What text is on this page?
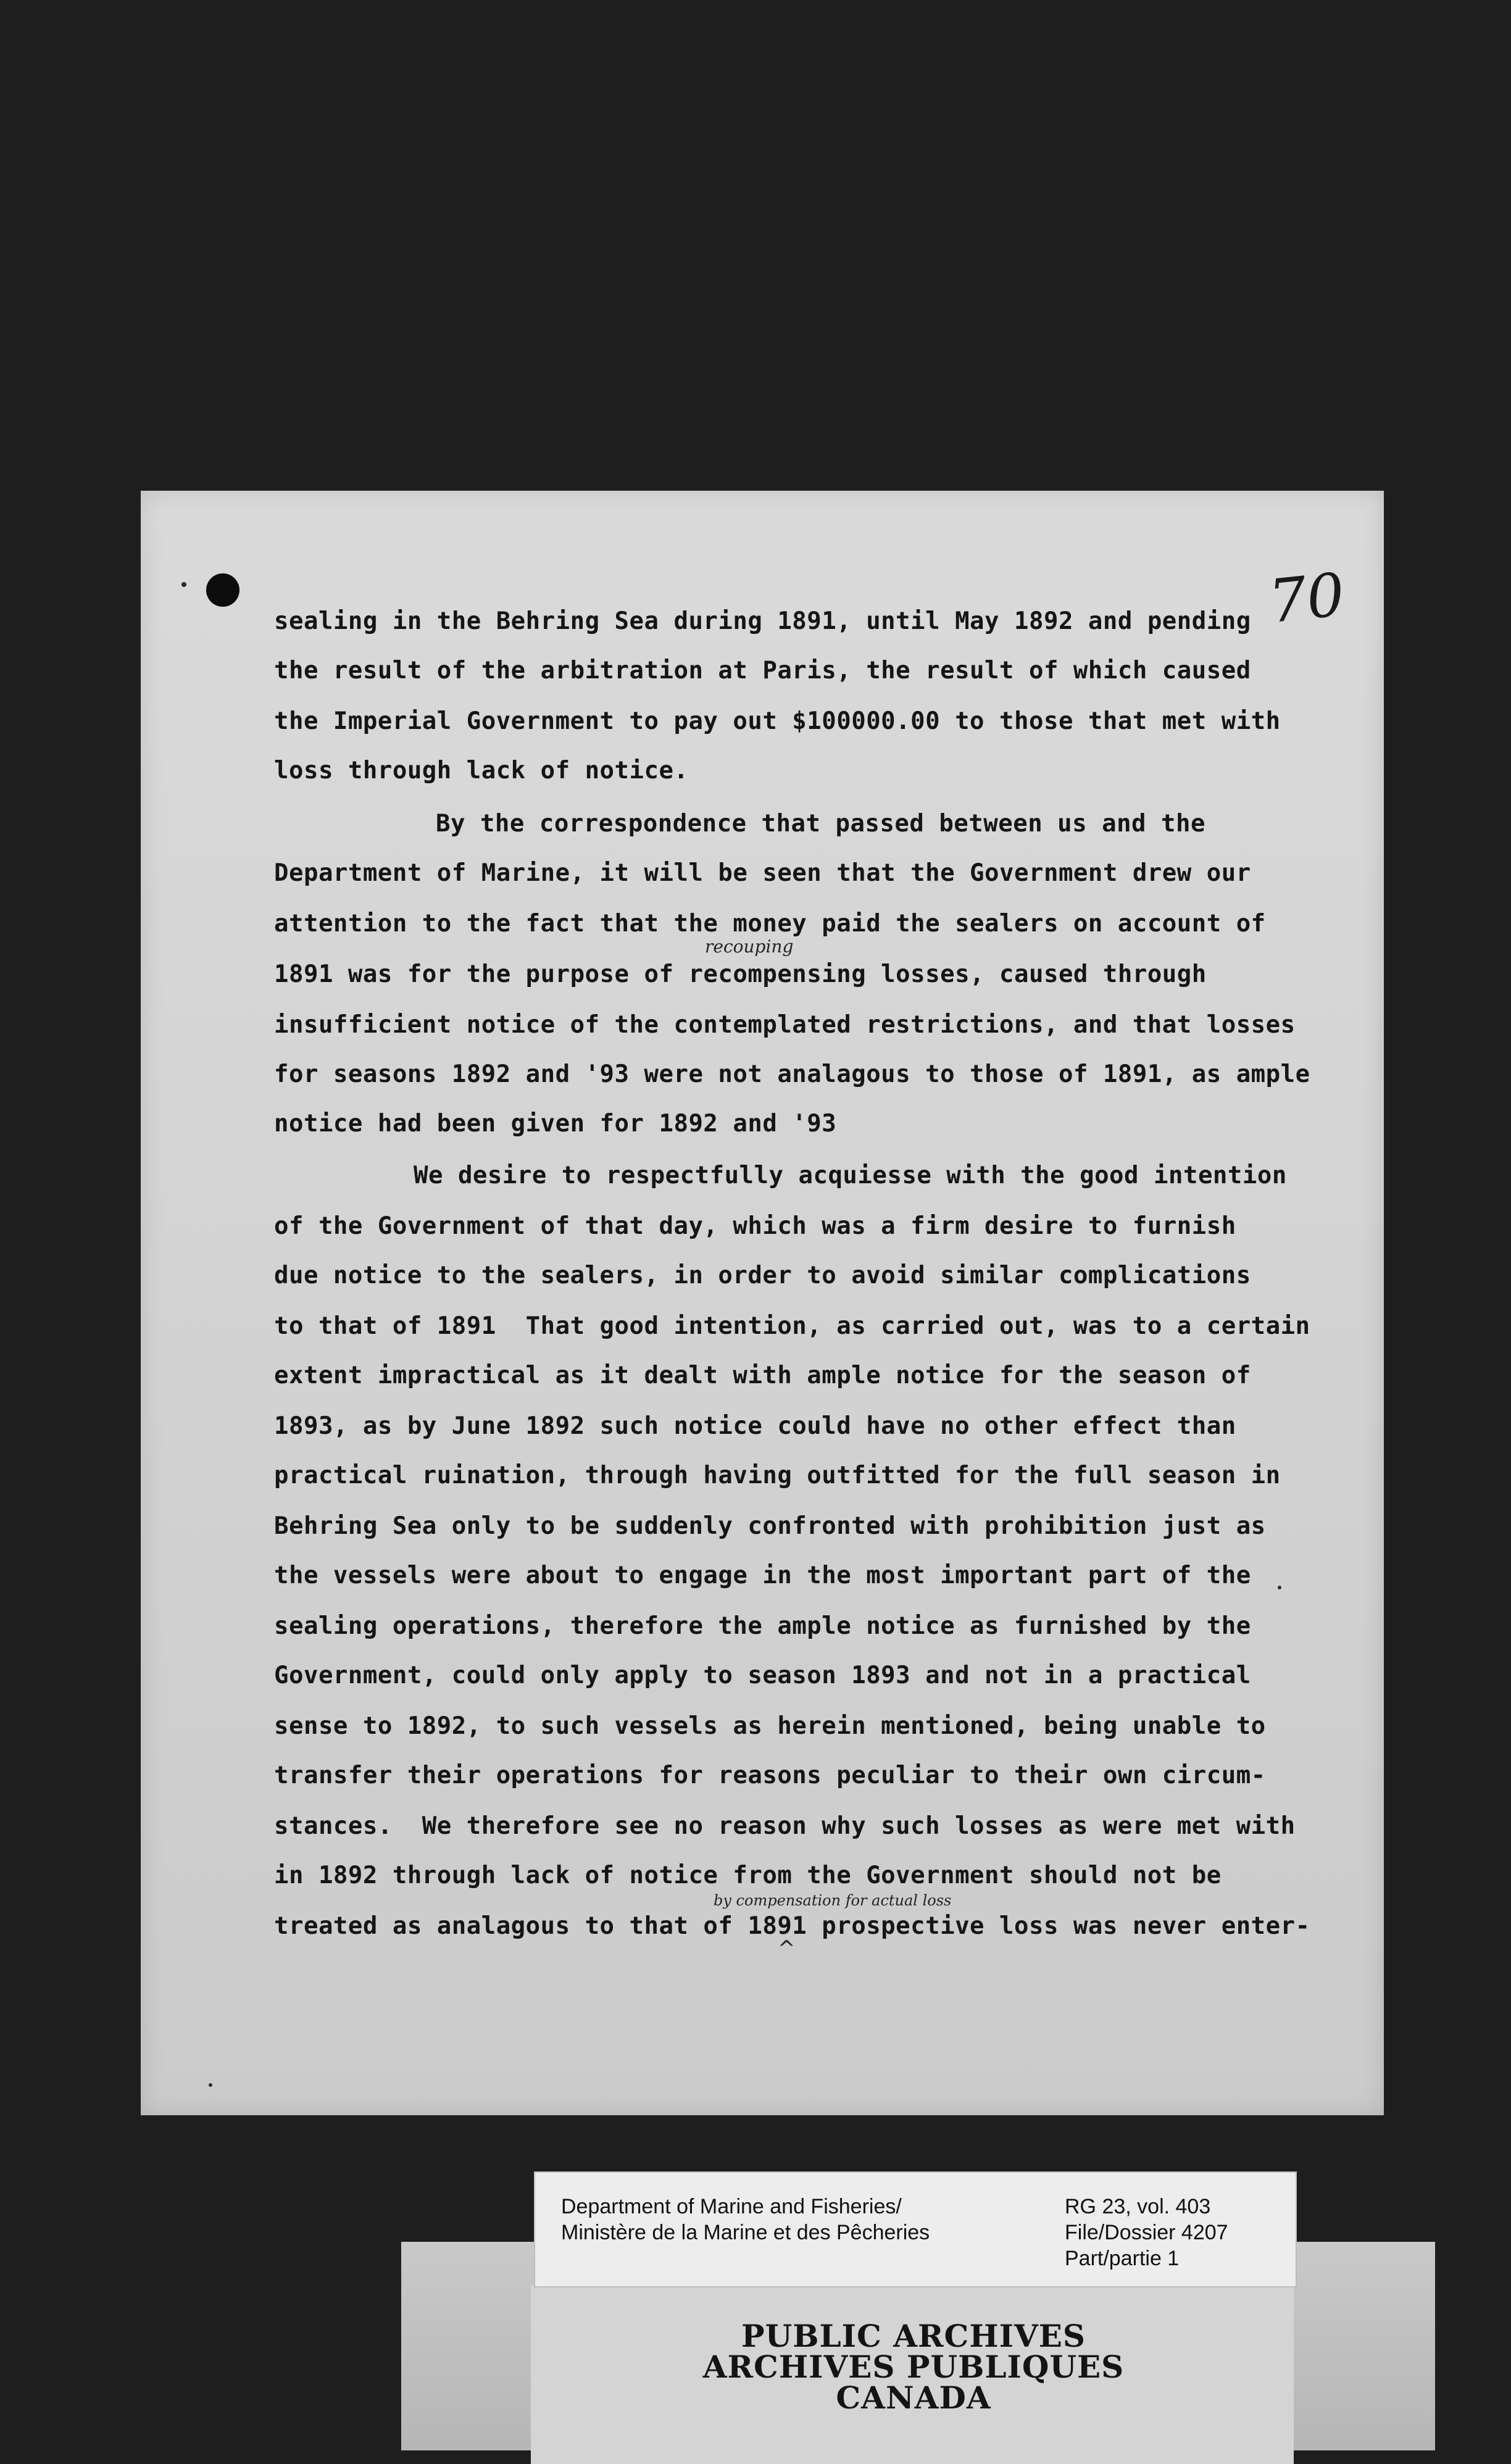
70
sealing in the Behring Sea during 1891, until May 1892 and pending
the result of the arbitration at Paris, the result of which caused
the Imperial Government to pay out $100000.00 to those that met with
loss through lack of notice.
By the correspondence that passed between us and the
Department of Marine, it will be seen that the Government drew our
attention to the fact that the money paid the sealers on account of
recouping
1891 was for the purpose of recompensing losses, caused through
insufficient notice of the contemplated restrictions, and that losses
for seasons 1892 and '93 were not analagous to those of 1891, as ample
notice had been given for 1892 and '93
We desire to respectfully acquiesse with the good intention
of the Government of that day, which was a firm desire to furnish
due notice to the sealers, in order to avoid similar complications
to that of 1891  That good intention, as carried out, was to a certain
extent impractical as it dealt with ample notice for the season of
1893, as by June 1892 such notice could have no other effect than
practical ruination, through having outfitted for the full season in
Behring Sea only to be suddenly confronted with prohibition just as
the vessels were about to engage in the most important part of the
sealing operations, therefore the ample notice as furnished by the
Government, could only apply to season 1893 and not in a practical
sense to 1892, to such vessels as herein mentioned, being unable to
transfer their operations for reasons peculiar to their own circum-
stances.  We therefore see no reason why such losses as were met with
in 1892 through lack of notice from the Government should not be
by compensation for actual loss
treated as analagous to that of 1891 prospective loss was never enter-
^
Department of Marine and Fisheries/
Ministère de la Marine et des Pêcheries
RG 23, vol. 403
File/Dossier 4207
Part/partie 1
PUBLIC ARCHIVES
ARCHIVES PUBLIQUES
CANADA
